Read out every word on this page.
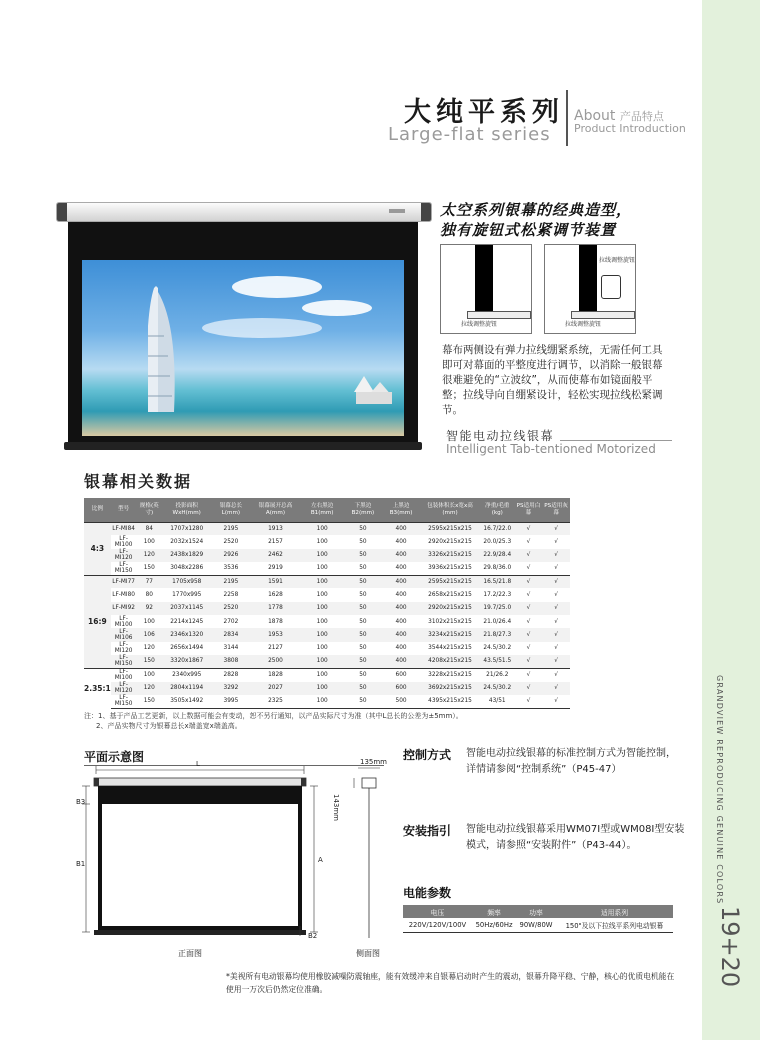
GRANDVIEW REPRODUCING GENUINE COLORS
19+20
大纯平系列
Large-flat series
About 产品特点
Product Introduction
太空系列银幕的经典造型，
独有旋钮式松紧调节装置
拉线调整旋钮
拉线调整旋钮
拉线调整旋钮
幕布两侧设有弹力拉线绷紧系统，无需任何工具即可对幕面的平整度进行调节，以消除一般银幕很难避免的“立波纹”，从而使幕布如镜面般平整；拉线导向自绷紧设计，轻松实现拉线松紧调节。
智能电动拉线银幕
Intelligent Tab-tentioned Motorized
银幕相关数据
比例	型号	规格(英寸)	投影面积WxH(mm)	银幕总长L(mm)	银幕展开总高A(mm)	左右黑边B1(mm)	下黑边B2(mm)	上黑边B3(mm)	包装体积长x宽x高(mm)	净重/毛重(kg)	PS适用白幕	PS适用灰幕
4:3	LF-MI84	84	1707x1280	2195	1913	100	50	400	2595x215x215	16.7/22.0	√	√
	LF-MI100	100	2032x1524	2520	2157	100	50	400	2920x215x215	20.0/25.3	√	√
	LF-MI120	120	2438x1829	2926	2462	100	50	400	3326x215x215	22.9/28.4	√	√
	LF-MI150	150	3048x2286	3536	2919	100	50	400	3936x215x215	29.8/36.0	√	√
16:9	LF-MI77	77	1705x958	2195	1591	100	50	400	2595x215x215	16.5/21.8	√	√
	LF-MI80	80	1770x995	2258	1628	100	50	400	2658x215x215	17.2/22.3	√	√
	LF-MI92	92	2037x1145	2520	1778	100	50	400	2920x215x215	19.7/25.0	√	√
	LF-MI100	100	2214x1245	2702	1878	100	50	400	3102x215x215	21.0/26.4	√	√
	LF-MI106	106	2346x1320	2834	1953	100	50	400	3234x215x215	21.8/27.3	√	√
	LF-MI120	120	2656x1494	3144	2127	100	50	400	3544x215x215	24.5/30.2	√	√
	LF-MI150	150	3320x1867	3808	2500	100	50	400	4208x215x215	43.5/51.5	√	√
2.35:1	LF-MI100	100	2340x995	2828	1828	100	50	600	3228x215x215	21/26.2	√	√
	LF-MI120	120	2804x1194	3292	2027	100	50	600	3692x215x215	24.5/30.2	√	√
	LF-MI150	150	3505x1492	3995	2325	100	50	500	4395x215x215	43/51	√	√
注：1、基于产品工艺更新，以上数据可能会有变动，恕不另行通知，以产品实际尺寸为准（其中L总长的公差为±5mm）。
2、产品实物尺寸为银幕总长x端盖宽x端盖高。
平面示意图	L
A
B1
B3
B2
135mm
143mm
正面图	侧面图
控制方式 智能电动拉线银幕的标准控制方式为智能控制，详情请参阅“控制系统”（P45-47）
安装指引 智能电动拉线银幕采用WM07Ⅰ型或WM08Ⅰ型安装模式，请参照“安装附件”（P43-44）。
电能参数
电压	频率	功率	适用系列
220V/120V/100V	50Hz/60Hz	90W/80W	150"及以下拉线平系列电动银幕
*美视所有电动银幕均使用橡胶减噪防震轴座，能有效缓冲来自银幕启动时产生的震动，银幕升降平稳、宁静，核心的优质电机能在使用一万次后仍然定位准确。
